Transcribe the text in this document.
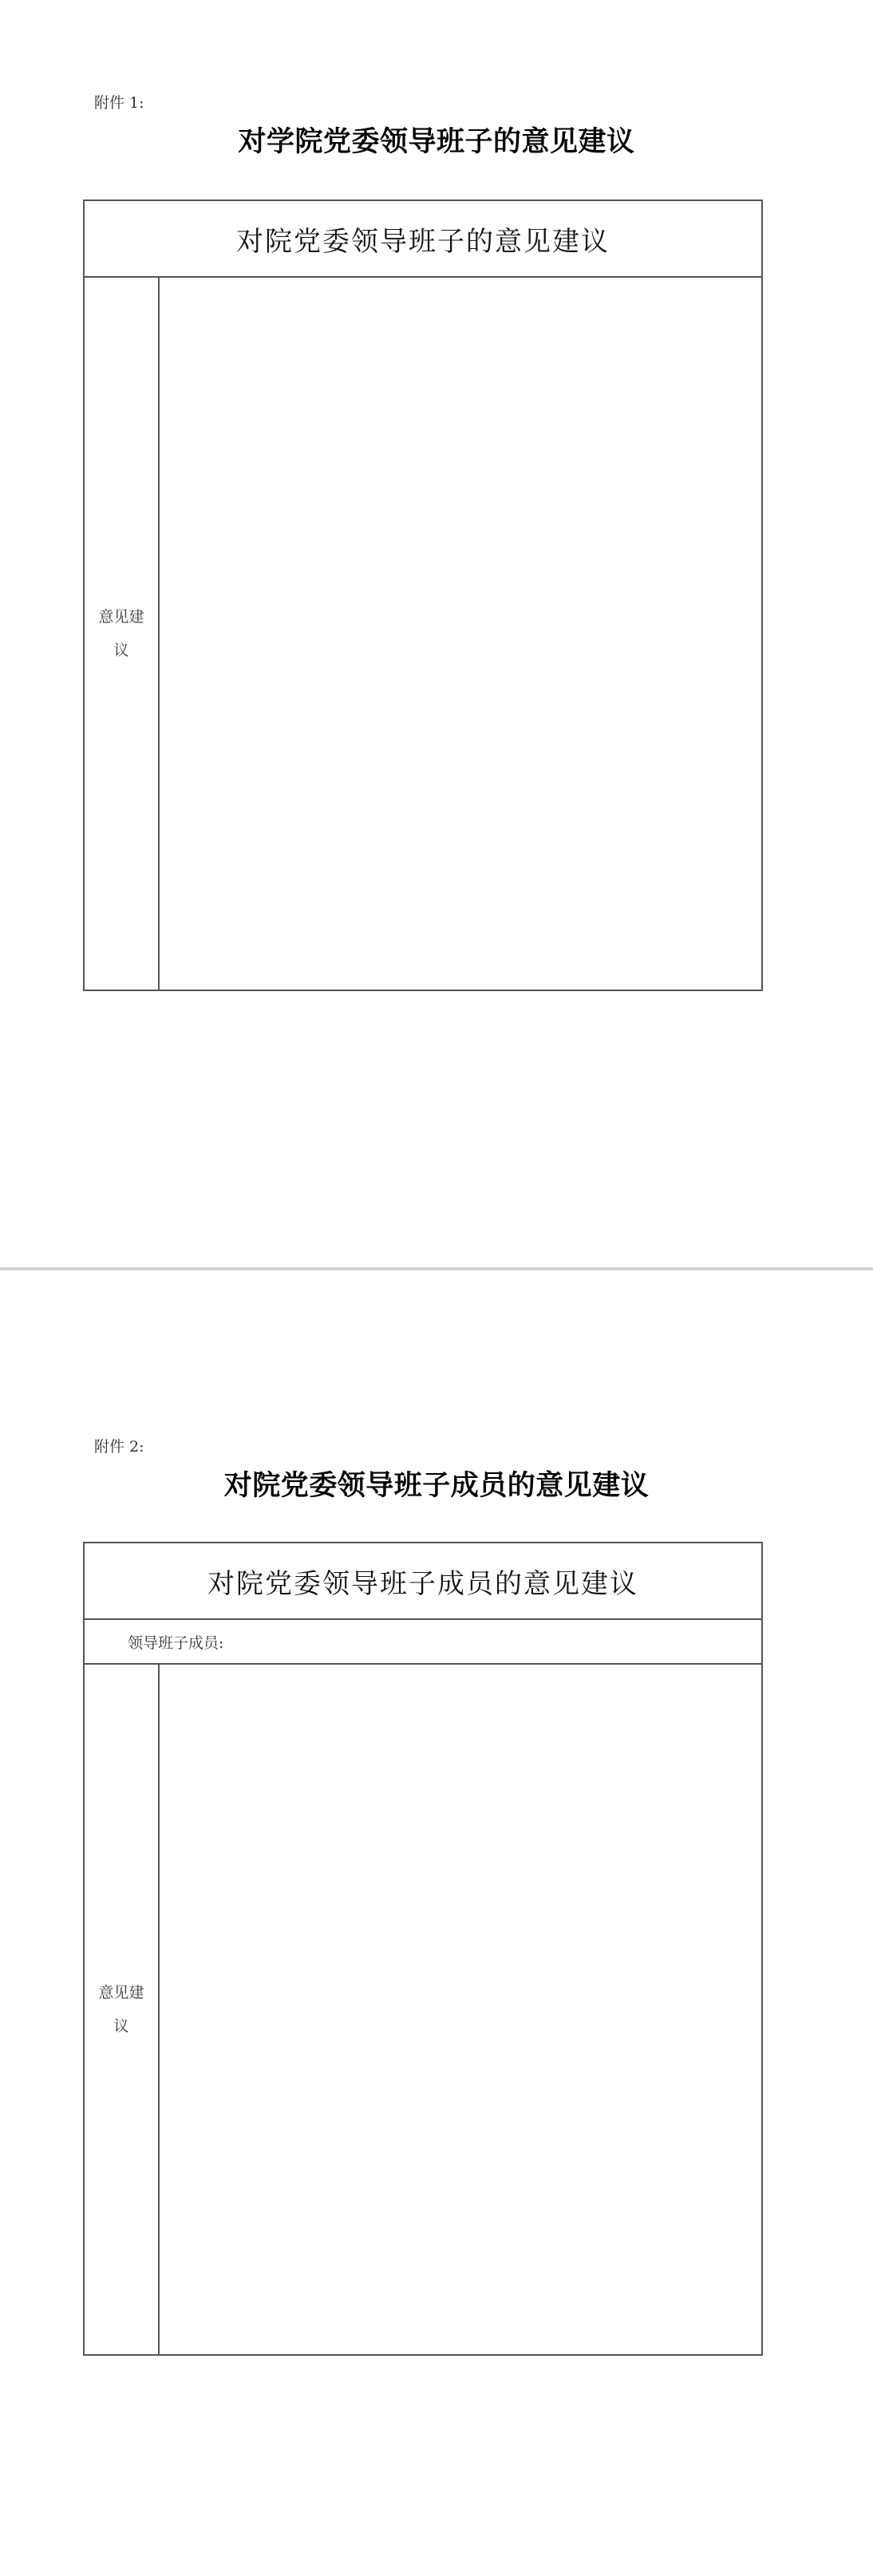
附件 1:
对学院党委领导班子的意见建议
对院党委领导班子的意见建议
意见建议
附件 2:
对院党委领导班子成员的意见建议
对院党委领导班子成员的意见建议
领导班子成员:
意见建议
